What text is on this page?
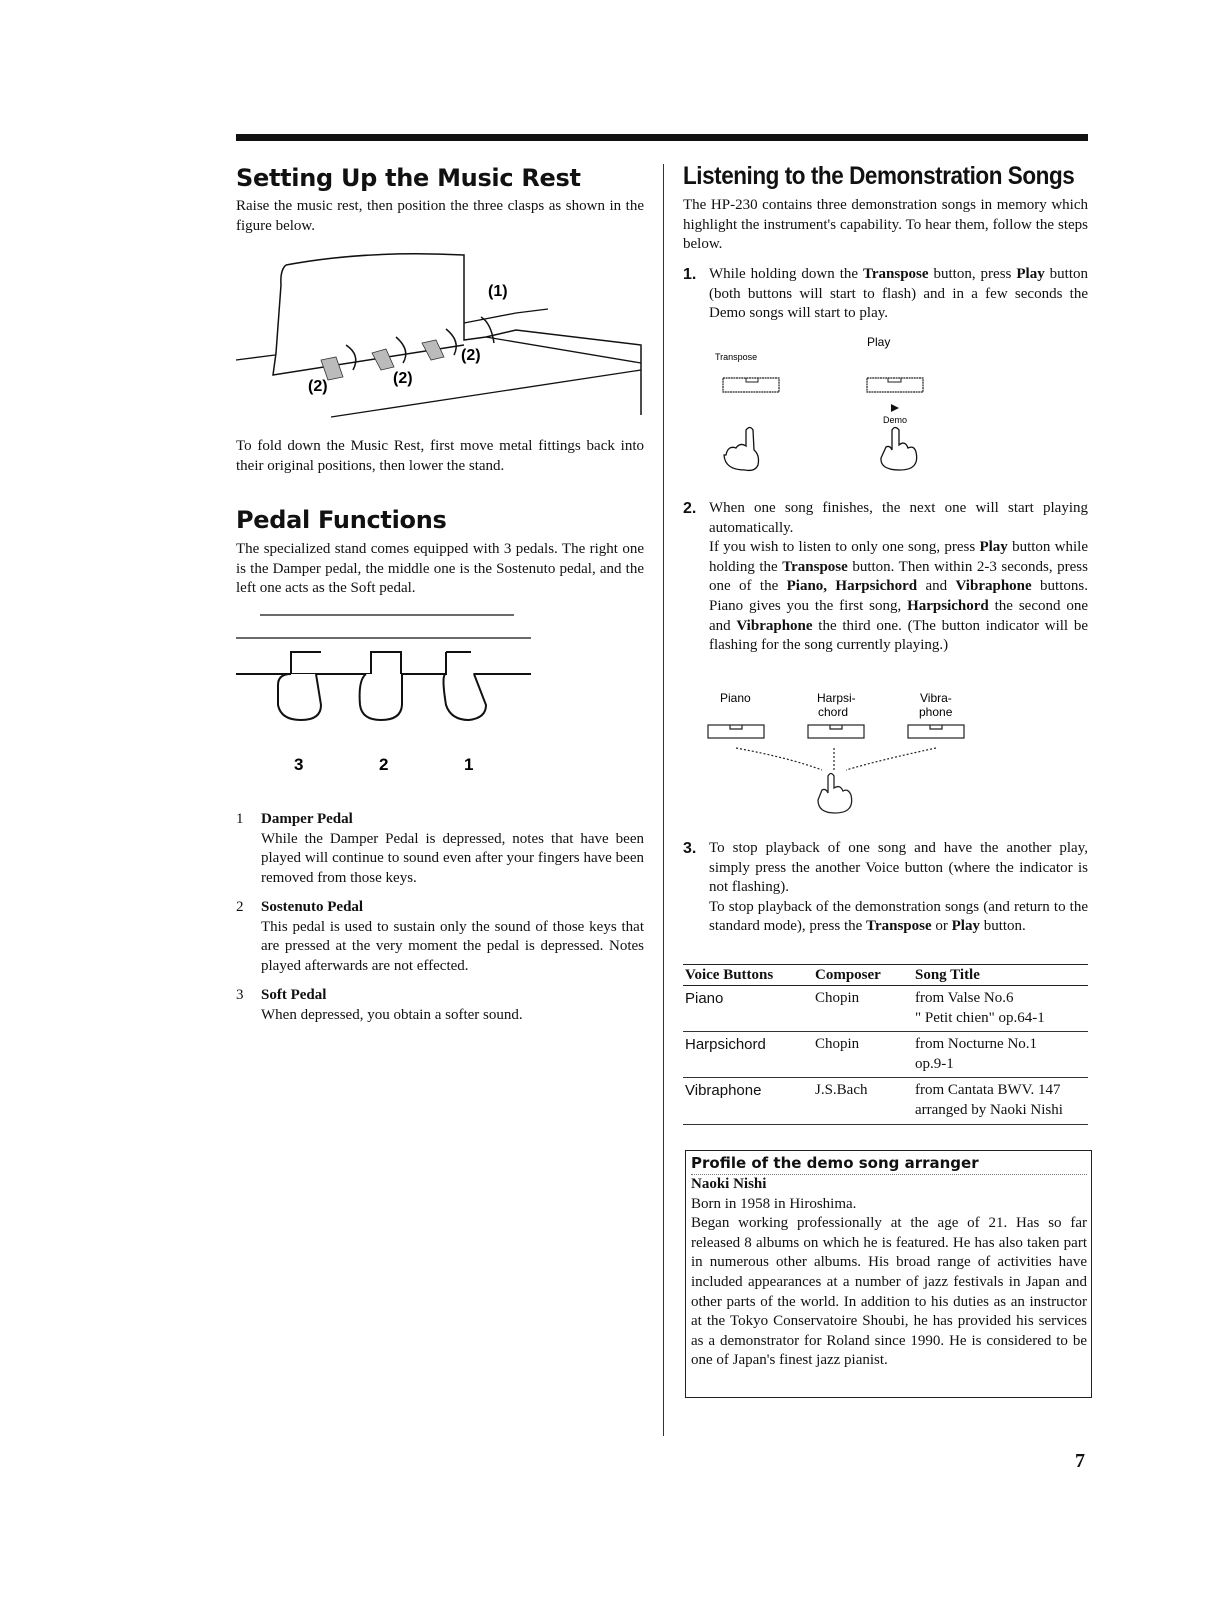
Setting Up the Music Rest

Raise the music rest, then position the three clasps as shown in the figure below.

(1)
(2)
(2)	(2)

To fold down the Music Rest, first move metal fittings back into their original positions, then lower the stand.

Pedal Functions

The specialized stand comes equipped with 3 pedals. The right one is the Damper pedal, the middle one is the Sostenuto pedal, and the left one acts as the Soft pedal.

3	2	1
1 Damper Pedal
While the Damper Pedal is depressed, notes that have been played will continue to sound even after your fingers have been removed from those keys.
2 Sostenuto Pedal
This pedal is used to sustain only the sound of those keys that are pressed at the very moment the pedal is depressed. Notes played afterwards are not effected.
3 Soft Pedal
When depressed, you obtain a softer sound.
Listening to the Demonstration Songs

The HP-230 contains three demonstration songs in memory which highlight the instrument's capability. To hear them, follow the steps below.

1. While holding down the Transpose button, press Play button (both buttons will start to flash) and in a few seconds the Demo songs will start to play.
Transpose
Play
Demo
2. When one song finishes, the next one will start playing automatically.
If you wish to listen to only one song, press Play button while holding the Transpose button. Then within 2-3 seconds, press one of the Piano, Harpsichord and Vibraphone buttons. Piano gives you the first song, Harpsichord the second one and Vibraphone the third one. (The button indicator will be flashing for the song currently playing.)
Piano	Harpsi-
chord
Vibra-
phone
3. To stop playback of one song and have the another play, simply press the another Voice button (where the indicator is not flashing).
To stop playback of the demonstration songs (and return to the standard mode), press the Transpose or Play button.
Voice Buttons	Composer	Song Title
Piano	Chopin	from Valse No.6
" Petit chien" op.64-1

Harpsichord	Chopin	from Nocturne No.1
op.9-1

Vibraphone	J.S.Bach	from Cantata BWV. 147
arranged by Naoki Nishi
Profile of the demo song arranger

Naoki Nishi

Born in 1958 in Hiroshima.

Began working professionally at the age of 21. Has so far released 8 albums on which he is featured. He has also taken part in numerous other albums. His broad range of activities have included appearances at a number of jazz festivals in Japan and other parts of the world. In addition to his duties as an instructor at the Tokyo Conservatoire Shoubi, he has provided his services as a demonstrator for Roland since 1990. He is considered to be one of Japan's finest jazz pianist.

7
